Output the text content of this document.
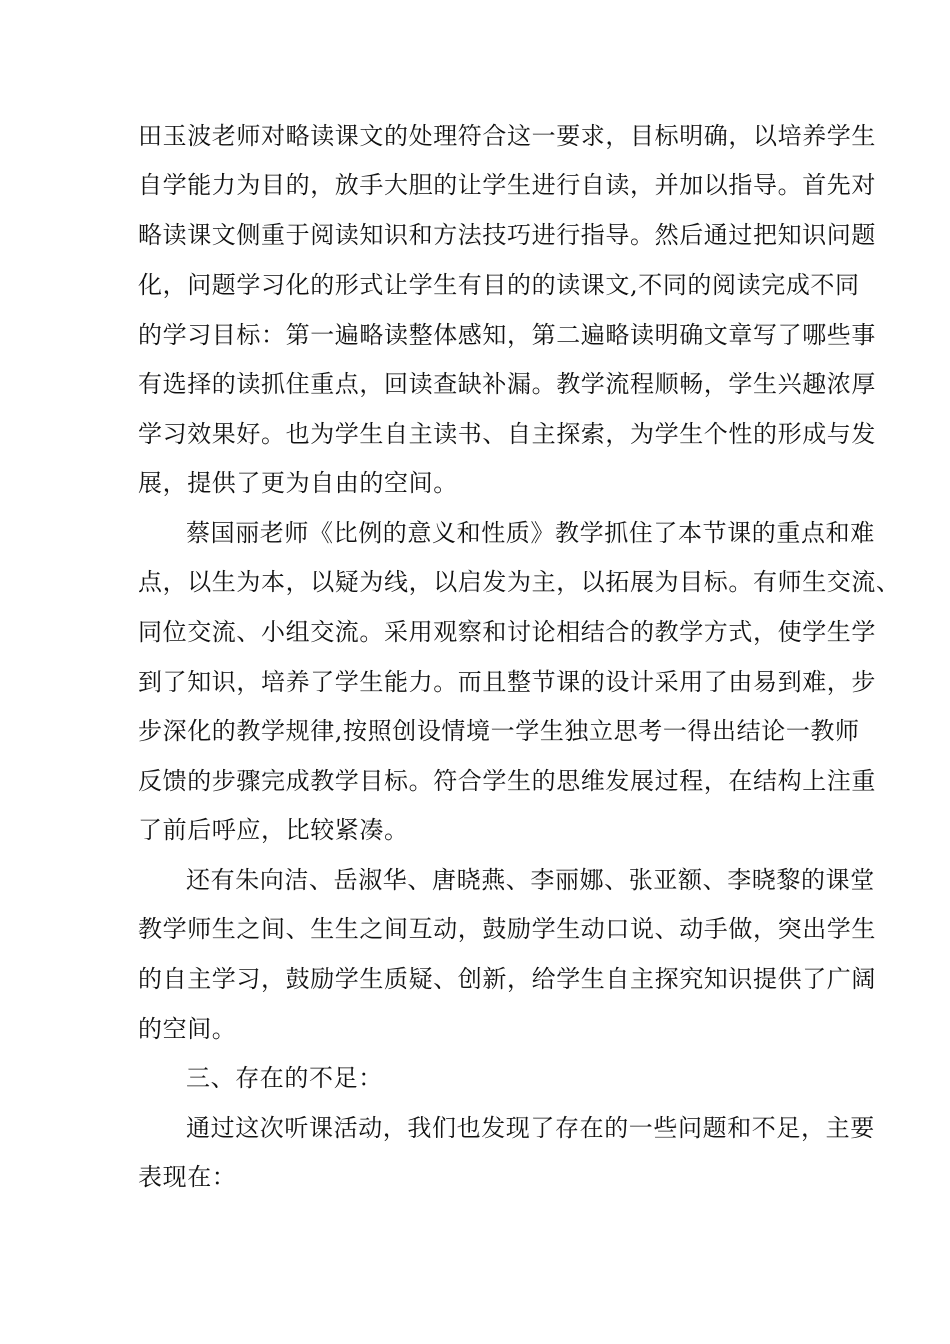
田玉波老师对略读课文的处理符合这一要求，目标明确，以培养学生
自学能力为目的，放手大胆的让学生进行自读，并加以指导。首先对
略读课文侧重于阅读知识和方法技巧进行指导。然后通过把知识问题
化，问题学习化的形式让学生有目的的读课文,不同的阅读完成不同
的学习目标：第一遍略读整体感知，第二遍略读明确文章写了哪些事
有选择的读抓住重点，回读查缺补漏。教学流程顺畅，学生兴趣浓厚
学习效果好。也为学生自主读书、自主探索，为学生个性的形成与发
展，提供了更为自由的空间。
蔡国丽老师《比例的意义和性质》教学抓住了本节课的重点和难
点，以生为本，以疑为线，以启发为主，以拓展为目标。有师生交流、
同位交流、小组交流。采用观察和讨论相结合的教学方式，使学生学
到了知识，培养了学生能力。而且整节课的设计采用了由易到难，步
步深化的教学规律,按照创设情境一学生独立思考一得出结论一教师
反馈的步骤完成教学目标。符合学生的思维发展过程，在结构上注重
了前后呼应，比较紧凑。
还有朱向洁、岳淑华、唐晓燕、李丽娜、张亚额、李晓黎的课堂
教学师生之间、生生之间互动，鼓励学生动口说、动手做，突出学生
的自主学习，鼓励学生质疑、创新，给学生自主探究知识提供了广阔
的空间。
三、存在的不足：
通过这次听课活动，我们也发现了存在的一些问题和不足，主要
表现在：
